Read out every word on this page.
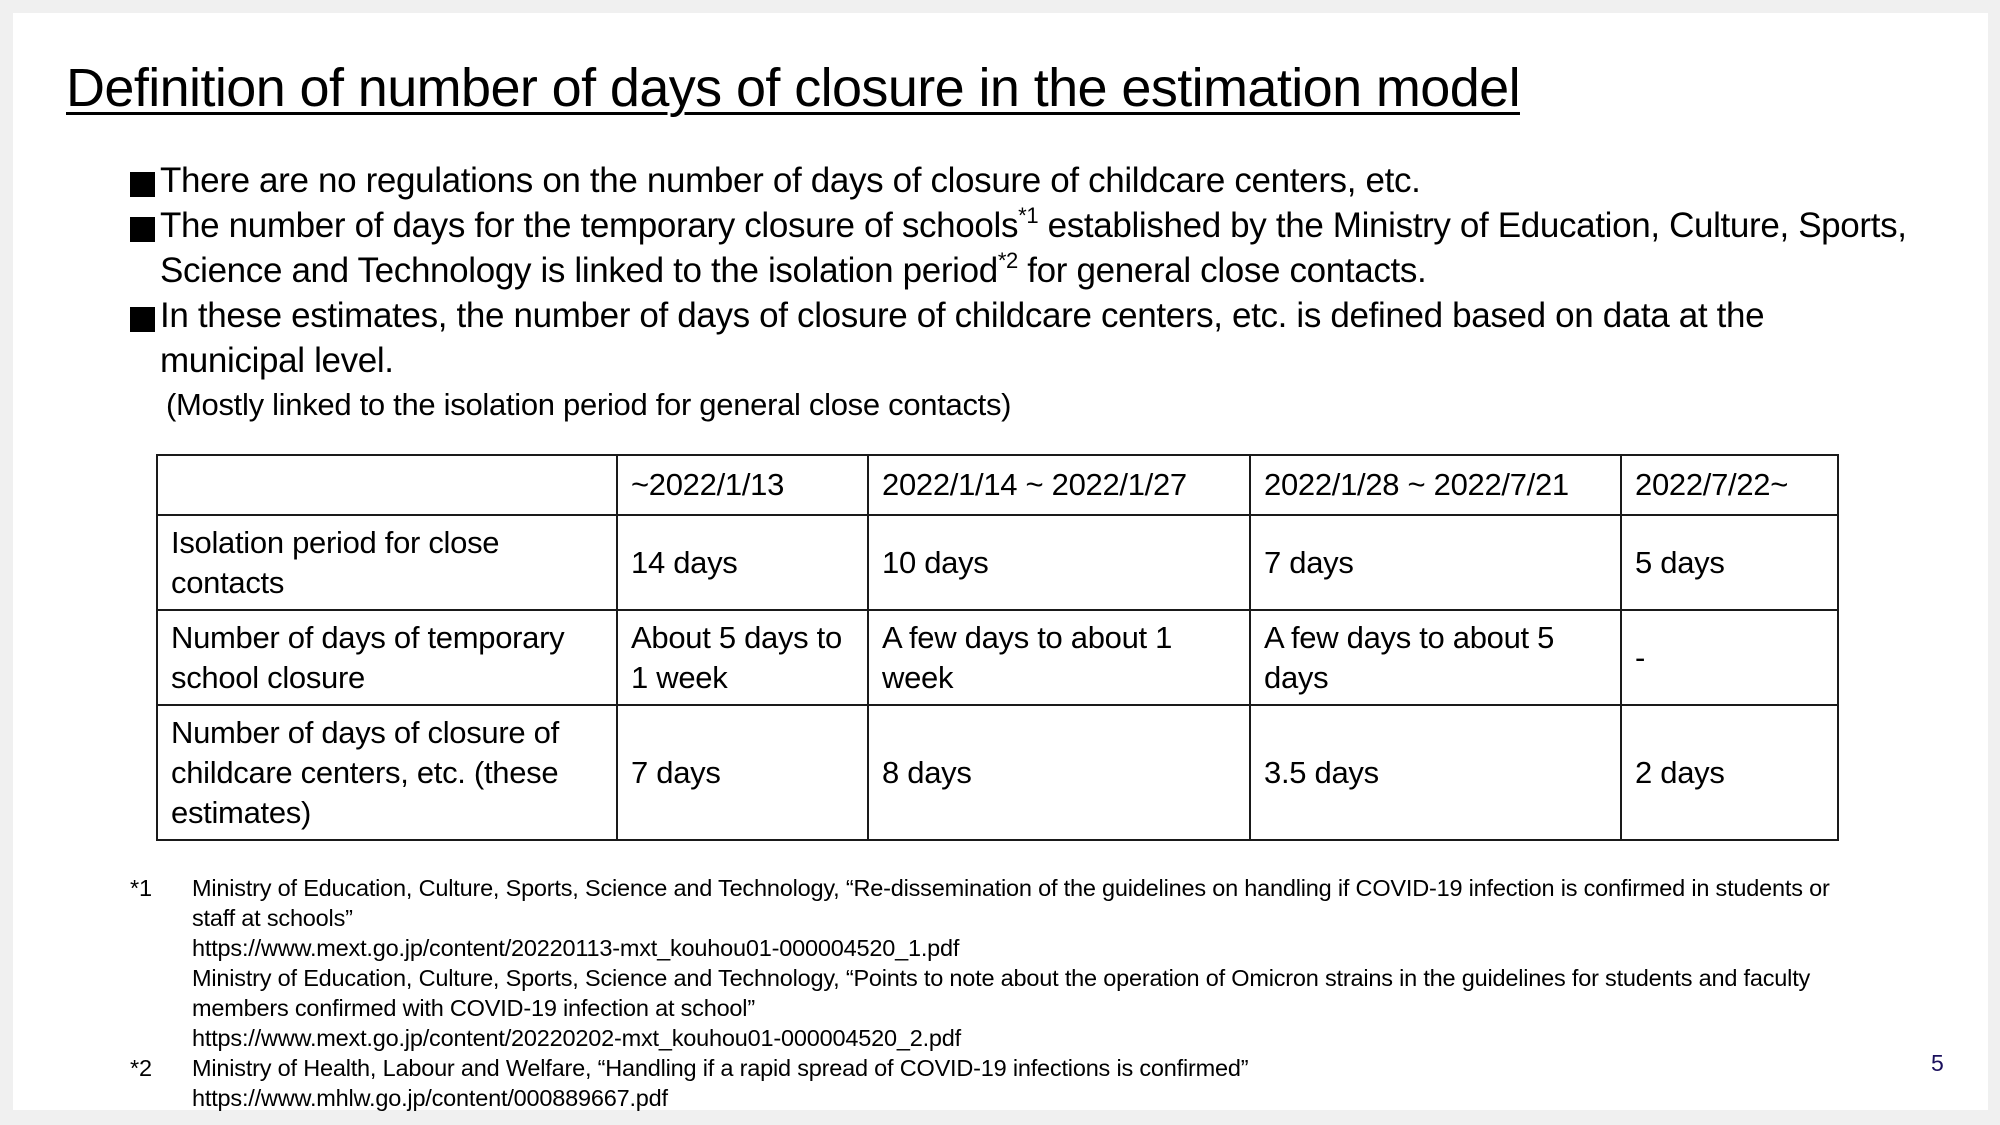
Definition of number of days of closure in the estimation model
There are no regulations on the number of days of closure of childcare centers, etc.
The number of days for the temporary closure of schools$^{*1}$ established by the Ministry of Education, Culture, Sports, Science and Technology is linked to the isolation period$^{*2}$ for general close contacts.
In these estimates, the number of days of closure of childcare centers, etc. is defined based on data at the municipal level.
(Mostly linked to the isolation period for general close contacts)
	~2022/1/13	2022/1/14 ~ 2022/1/27	2022/1/28 ~ 2022/7/21	2022/7/22~
Isolation period for close contacts	14 days	10 days	7 days	5 days
Number of days of temporary school closure	About 5 days to 1 week	A few days to about 1 week	A few days to about 5 days	-
Number of days of closure of childcare centers, etc. (these estimates)	7 days	8 days	3.5 days	2 days
*1	Ministry of Education, Culture, Sports, Science and Technology, “Re-dissemination of the guidelines on handling if COVID-19 infection is confirmed in students or staff at schools”
https://www.mext.go.jp/content/20220113-mxt_kouhou01-000004520_1.pdf
Ministry of Education, Culture, Sports, Science and Technology, “Points to note about the operation of Omicron strains in the guidelines for students and faculty members confirmed with COVID-19 infection at school”
https://www.mext.go.jp/content/20220202-mxt_kouhou01-000004520_2.pdf
*2	Ministry of Health, Labour and Welfare, “Handling if a rapid spread of COVID-19 infections is confirmed”
https://www.mhlw.go.jp/content/000889667.pdf
5
